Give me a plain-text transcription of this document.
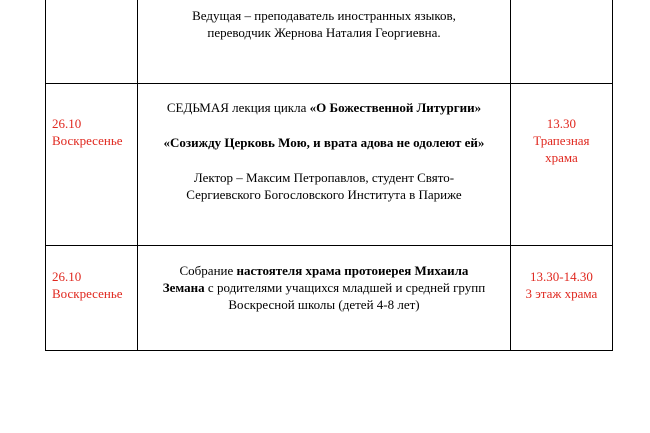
	Ведущая – преподаватель иностранных языков,
переводчик Жернова Наталия Георгиевна.	

26.10
Воскресенье	СЕДЬМАЯ лекция цикла «О Божественной Литургии»
«Созижду Церковь Мою, и врата адова не одолеют ей»
Лектор – Максим Петропавлов, студент Свято-
Сергиевского Богословского Института в Париже	13.30
Трапезная
храма

26.10
Воскресенье	Собрание настоятеля храма протоиерея Михаила
Земана с родителями учащихся младшей и средней групп
Воскресной школы (детей 4-8 лет)	13.30-14.30
3 этаж храма
